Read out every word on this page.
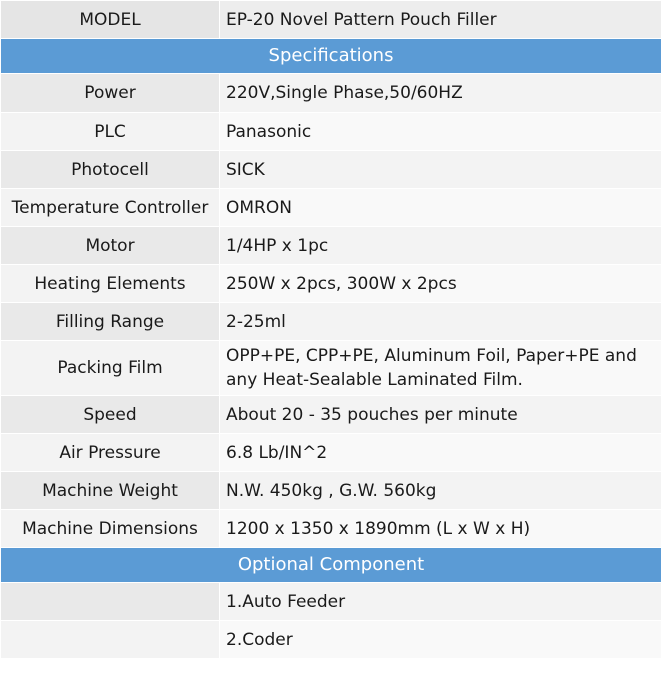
MODEL	EP-20 Novel Pattern Pouch Filler
Specifications	
Power	220V,Single Phase,50/60HZ
PLC	Panasonic
Photocell	SICK
Temperature Controller	OMRON
Motor	1/4HP x 1pc
Heating Elements	250W x 2pcs, 300W x 2pcs
Filling Range	2-25ml
Packing Film	OPP+PE, CPP+PE, Aluminum Foil, Paper+PE and any Heat-Sealable Laminated Film.
Speed	About 20 - 35 pouches per minute
Air Pressure	6.8 Lb/IN^2
Machine Weight	N.W. 450kg , G.W. 560kg
Machine Dimensions	1200 x 1350 x 1890mm (L x W x H)
Optional Component	
	1.Auto Feeder
	2.Coder
